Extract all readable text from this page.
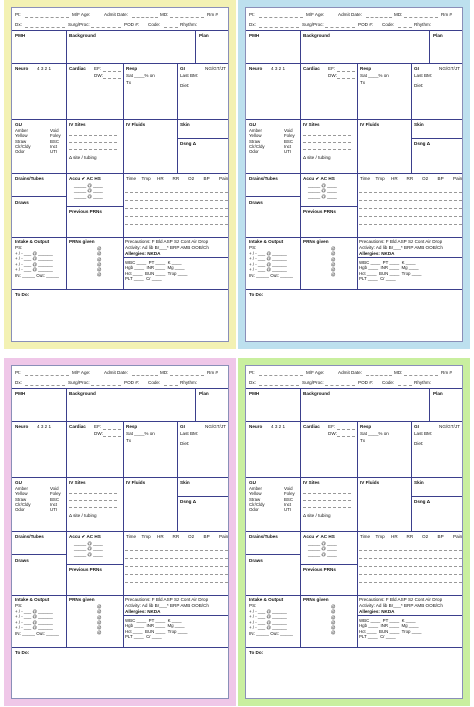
Pt:	M/F Age:	Admit Date:	MD:	Rm #
Dx:	Surg/Proc:	POD #: Code:	Rhythm:
PMH	Background	Plan
Neuro 4 3 2 1	Cardiac EF:
DW:
Resp
Sat ____% on
Tx
GI	NG/GT/JT
Last BM:
Diet:
GU
Amber
Yellow
Straw
Clr/Cldy
Odor
Void
Foley
BSC
Inct
UTI
IV Sites
Δ site / tubing
IV Fluids	Skin
Dsng Δ
Drains/Tubes
Draws
Accu ✔ AC HS
_____ @ ____
_____ @ ____
_____ @ ____
Previous PRNs
Time Tmp HR RR O2 BP Pain
Intake & Output
PS:
+ / - ___ @ ______
+ / - ___ @ ______
+ / - ___ @ ______
+ / - ___ @ ______
IN: _____ Out: _____
PRNs given
@
@
@
@
@
@
Precautions: F Bld ASP Sz Cont Air Drop
Activity: Ad lib Br___* BRP AMB OOB/Ch
Allergies: NKDA
WBC ____  PT ____  K ____
Hgb ____  INR ____  Mg ____
Hct ____  BUN ____  Trop ____
PLT ____  Cr ____
To Do:
Pt:	M/F Age:	Admit Date:	MD:	Rm #
Dx:	Surg/Proc:	POD #: Code:	Rhythm:
PMH	Background	Plan
Neuro 4 3 2 1	Cardiac EF:
DW:
Resp
Sat ____% on
Tx
GI	NG/GT/JT
Last BM:
Diet:
GU
Amber
Yellow
Straw
Clr/Cldy
Odor
Void
Foley
BSC
Inct
UTI
IV Sites
Δ site / tubing
IV Fluids	Skin
Dsng Δ
Drains/Tubes
Draws
Accu ✔ AC HS
_____ @ ____
_____ @ ____
_____ @ ____
Previous PRNs
Time Tmp HR RR O2 BP Pain
Intake & Output
PS:
+ / - ___ @ ______
+ / - ___ @ ______
+ / - ___ @ ______
+ / - ___ @ ______
IN: _____ Out: _____
PRNs given
@
@
@
@
@
@
Precautions: F Bld ASP Sz Cont Air Drop
Activity: Ad lib Br___* BRP AMB OOB/Ch
Allergies: NKDA
WBC ____  PT ____  K ____
Hgb ____  INR ____  Mg ____
Hct ____  BUN ____  Trop ____
PLT ____  Cr ____
To Do:
Pt:	M/F Age:	Admit Date:	MD:	Rm #
Dx:	Surg/Proc:	POD #: Code:	Rhythm:
PMH	Background	Plan
Neuro 4 3 2 1	Cardiac EF:
DW:
Resp
Sat ____% on
Tx
GI	NG/GT/JT
Last BM:
Diet:
GU
Amber
Yellow
Straw
Clr/Cldy
Odor
Void
Foley
BSC
Inct
UTI
IV Sites
Δ site / tubing
IV Fluids	Skin
Dsng Δ
Drains/Tubes
Draws
Accu ✔ AC HS
_____ @ ____
_____ @ ____
_____ @ ____
Previous PRNs
Time Tmp HR RR O2 BP Pain
Intake & Output
PS:
+ / - ___ @ ______
+ / - ___ @ ______
+ / - ___ @ ______
+ / - ___ @ ______
IN: _____ Out: _____
PRNs given
@
@
@
@
@
@
Precautions: F Bld ASP Sz Cont Air Drop
Activity: Ad lib Br___* BRP AMB OOB/Ch
Allergies: NKDA
WBC ____  PT ____  K ____
Hgb ____  INR ____  Mg ____
Hct ____  BUN ____  Trop ____
PLT ____  Cr ____
To Do:
Pt:	M/F Age:	Admit Date:	MD:	Rm #
Dx:	Surg/Proc:	POD #: Code:	Rhythm:
PMH	Background	Plan
Neuro 4 3 2 1	Cardiac EF:
DW:
Resp
Sat ____% on
Tx
GI	NG/GT/JT
Last BM:
Diet:
GU
Amber
Yellow
Straw
Clr/Cldy
Odor
Void
Foley
BSC
Inct
UTI
IV Sites
Δ site / tubing
IV Fluids	Skin
Dsng Δ
Drains/Tubes
Draws
Accu ✔ AC HS
_____ @ ____
_____ @ ____
_____ @ ____
Previous PRNs
Time Tmp HR RR O2 BP Pain
Intake & Output
PS:
+ / - ___ @ ______
+ / - ___ @ ______
+ / - ___ @ ______
+ / - ___ @ ______
IN: _____ Out: _____
PRNs given
@
@
@
@
@
@
Precautions: F Bld ASP Sz Cont Air Drop
Activity: Ad lib Br___* BRP AMB OOB/Ch
Allergies: NKDA
WBC ____  PT ____  K ____
Hgb ____  INR ____  Mg ____
Hct ____  BUN ____  Trop ____
PLT ____  Cr ____
To Do:
